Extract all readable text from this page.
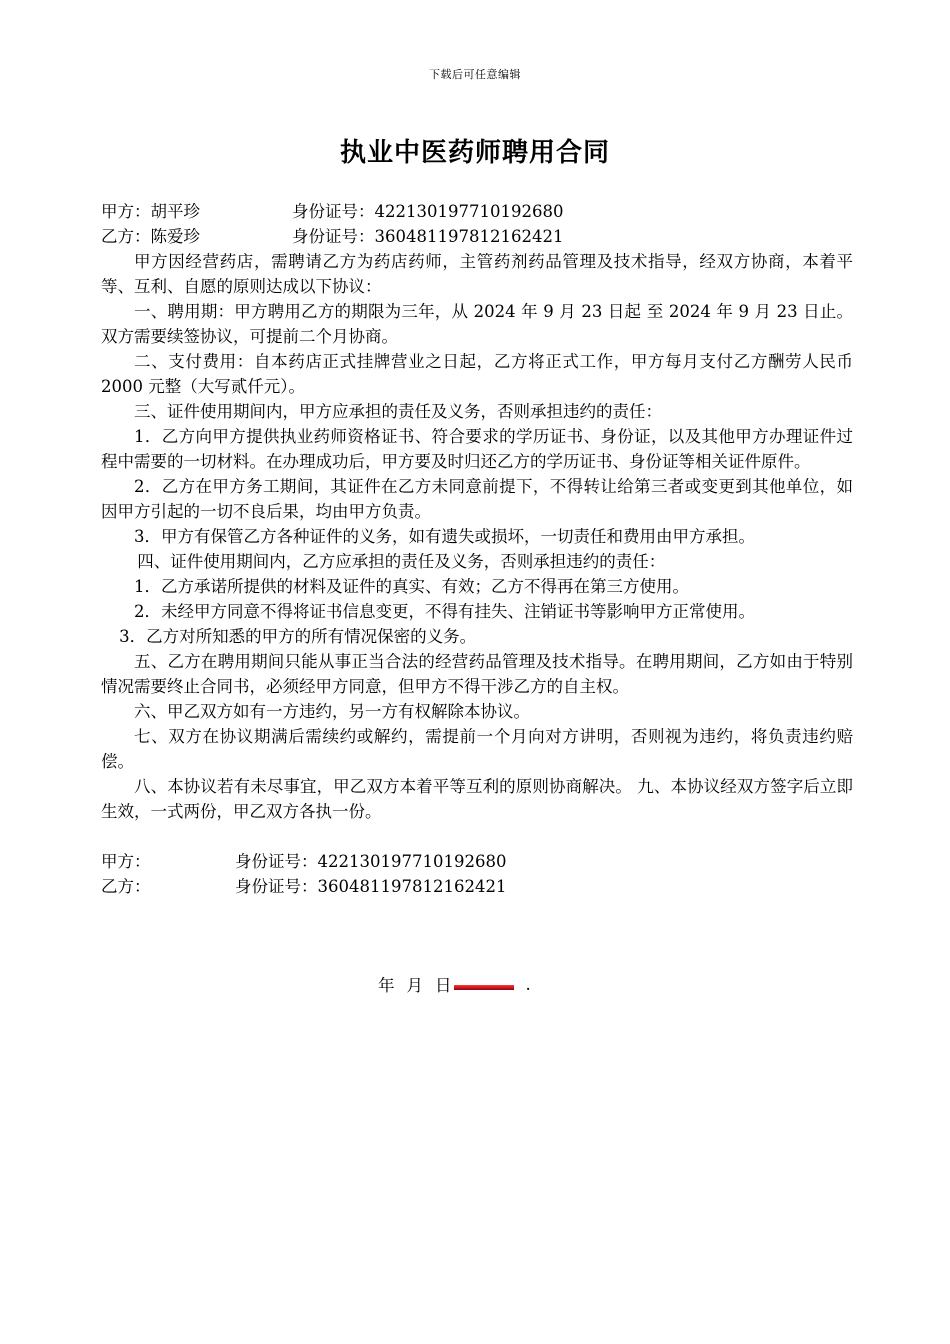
下载后可任意编辑
执业中医药师聘用合同
甲方：胡平珍	身份证号：422130197710192680
乙方：陈爱珍	身份证号：360481197812162421

甲方因经营药店，需聘请乙方为药店药师，主管药剂药品管理及技术指导，经双方协商，本着平等、互利、自愿的原则达成以下协议：

一、聘用期：甲方聘用乙方的期限为三年，从 2024 年 9 月 23 日起 至 2024 年 9 月 23 日止。双方需要续签协议，可提前二个月协商。

二、支付费用：自本药店正式挂牌营业之日起，乙方将正式工作，甲方每月支付乙方酬劳人民币 2000 元整（大写贰仟元）。

三、证件使用期间内，甲方应承担的责任及义务，否则承担违约的责任：

1．乙方向甲方提供执业药师资格证书、符合要求的学历证书、身份证，以及其他甲方办理证件过程中需要的一切材料。在办理成功后，甲方要及时归还乙方的学历证书、身份证等相关证件原件。

2．乙方在甲方务工期间，其证件在乙方未同意前提下，不得转让给第三者或变更到其他单位，如因甲方引起的一切不良后果，均由甲方负责。

3．甲方有保管乙方各种证件的义务，如有遗失或损坏，一切责任和费用由甲方承担。

四、证件使用期间内，乙方应承担的责任及义务，否则承担违约的责任：

1．乙方承诺所提供的材料及证件的真实、有效；乙方不得再在第三方使用。

2．未经甲方同意不得将证书信息变更，不得有挂失、注销证书等影响甲方正常使用。

3．乙方对所知悉的甲方的所有情况保密的义务。

五、乙方在聘用期间只能从事正当合法的经营药品管理及技术指导。在聘用期间，乙方如由于特别情况需要终止合同书，必须经甲方同意，但甲方不得干涉乙方的自主权。

六、甲乙双方如有一方违约，另一方有权解除本协议。

七、双方在协议期满后需续约或解约，需提前一个月向对方讲明，否则视为违约，将负责违约赔偿。

八、本协议若有未尽事宜，甲乙双方本着平等互利的原则协商解决。 九、本协议经双方签字后立即生效，一式两份，甲乙双方各执一份。

甲方：	身份证号：422130197710192680
乙方：	身份证号：360481197812162421
年 月 日	.
